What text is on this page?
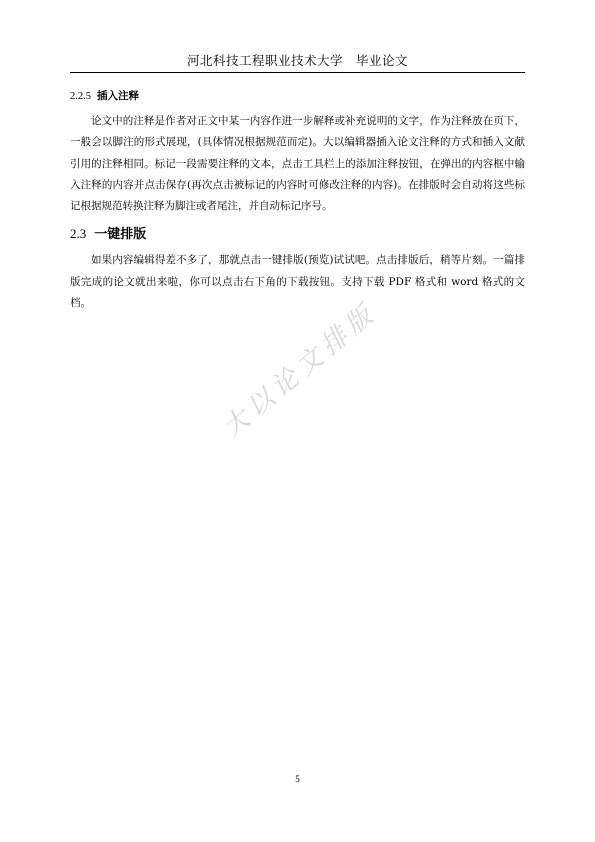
河北科技工程职业技术大学　毕业论文
2.2.5 插入注释

论文中的注释是作者对正文中某一内容作进一步解释或补充说明的文字，作为注释放在页下，一般会以脚注的形式展现，(具体情况根据规范而定)。大以编辑器插入论文注释的方式和插入文献引用的注释相同。标记一段需要注释的文本，点击工具栏上的添加注释按钮，在弹出的内容框中输入注释的内容并点击保存(再次点击被标记的内容时可修改注释的内容)。在排版时会自动将这些标记根据规范转换注释为脚注或者尾注，并自动标记序号。

2.3 一键排版

如果内容编辑得差不多了，那就点击一键排版(预览)试试吧。点击排版后，稍等片刻。一篇排版完成的论文就出来啦，你可以点击右下角的下载按钮。支持下载 PDF 格式和 word 格式的文档。	大以论文排版
5
